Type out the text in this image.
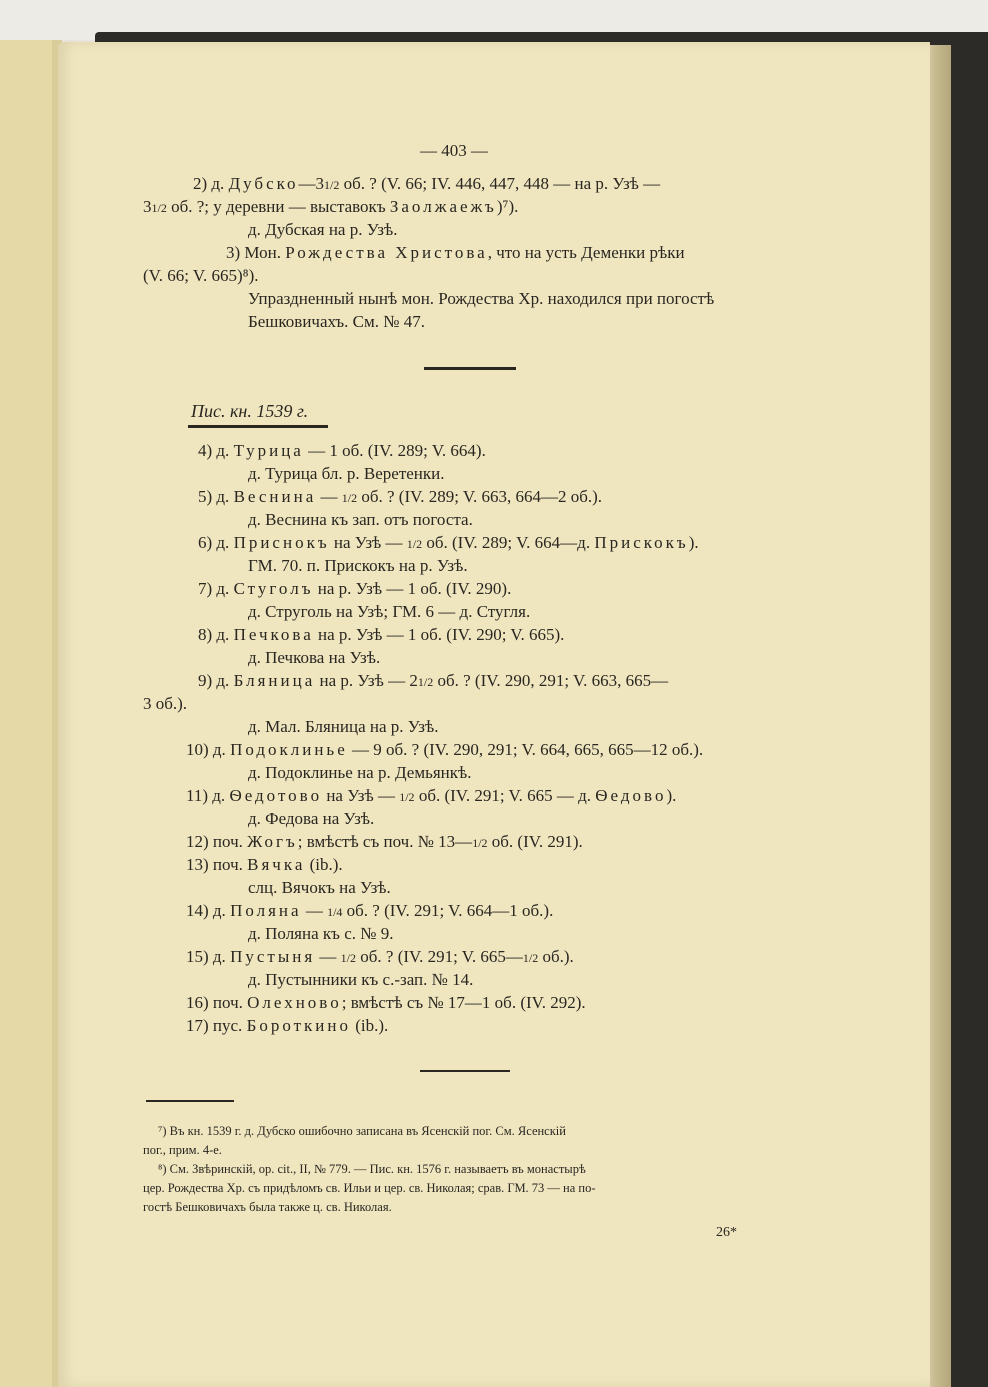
2) д. Дубско—31/2 об. ? (V. 66; IV. 446, 447, 448 — на р. Узѣ —
31/2 об. ?; у деревни — выставокъ Заолжаежъ)⁷).
д. Дубская на р. Узѣ.
3) Мон. Рождества Христова, что на усть Деменки рѣки
(V. 66; V. 665)⁸).
Упраздненный нынѣ мон. Рождества Хр. находился при погостѣ
Бешковичахъ. См. № 47.
4) д. Турица — 1 об. (IV. 289; V. 664).
д. Турица бл. р. Веретенки.
5) д. Веснина — 1/2 об. ? (IV. 289; V. 663, 664—2 об.).
д. Веснина къ зап. отъ погоста.
6) д. Приснокъ на Узѣ — 1/2 об. (IV. 289; V. 664—д. Прискокъ).
ГМ. 70. п. Прискокъ на р. Узѣ.
7) д. Стуголъ на р. Узѣ — 1 об. (IV. 290).
д. Струголь на Узѣ; ГМ. 6 — д. Стугля.
8) д. Печкова на р. Узѣ — 1 об. (IV. 290; V. 665).
д. Печкова на Узѣ.
9) д. Бляница на р. Узѣ — 21/2 об. ? (IV. 290, 291; V. 663, 665—
3 об.).
д. Мал. Бляница на р. Узѣ.
10) д. Подоклинье — 9 об. ? (IV. 290, 291; V. 664, 665, 665—12 об.).
д. Подоклинье на р. Демьянкѣ.
11) д. Ѳедотово на Узѣ — 1/2 об. (IV. 291; V. 665 — д. Ѳедово).
д. Федова на Узѣ.
12) поч. Жогъ; вмѣстѣ съ поч. № 13—1/2 об. (IV. 291).
13) поч. Вячка (ib.).
слц. Вячокъ на Узѣ.
14) д. Поляна — 1/4 об. ? (IV. 291; V. 664—1 об.).
д. Поляна къ с. № 9.
15) д. Пустыня — 1/2 об. ? (IV. 291; V. 665—1/2 об.).
д. Пустынники къ с.-зап. № 14.
16) поч. Олехново; вмѣстѣ съ № 17—1 об. (IV. 292).
17) пус. Бороткино (ib.).
— 403 —
Пис. кн. 1539 г.
⁷) Въ кн. 1539 г. д. Дубско ошибочно записана въ Ясенскій пог. См. Ясенскій
пог., прим. 4-е.
⁸) См. Звѣринскій, op. cit., II, № 779. — Пис. кн. 1576 г. называетъ въ монастырѣ
цер. Рождества Хр. съ придѣломъ св. Ильи и цер. св. Николая; срав. ГМ. 73 — на по-
гостѣ Бешковичахъ была также ц. св. Николая.
26*
